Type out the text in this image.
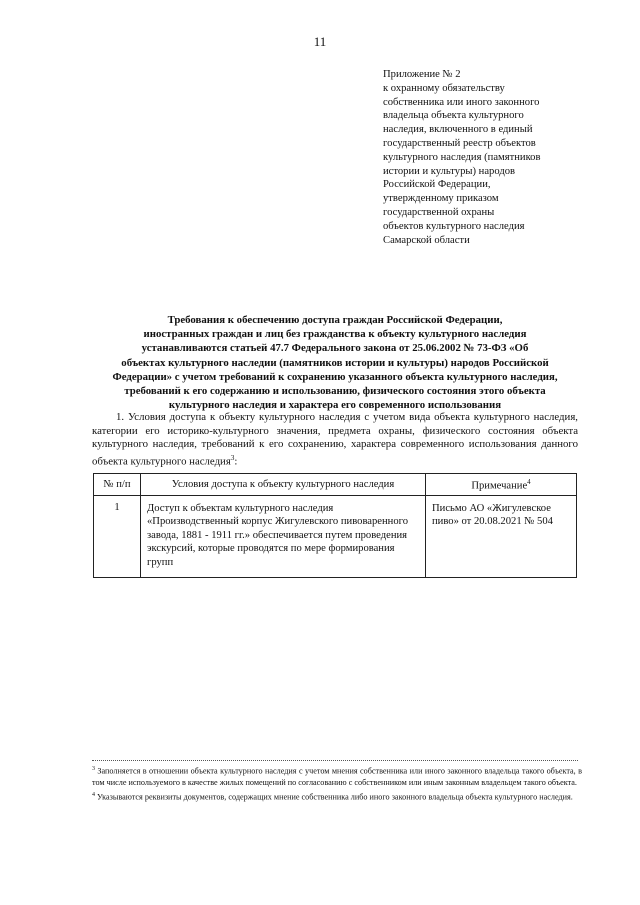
11
Приложение № 2
к охранному обязательству
собственника или иного законного
владельца объекта культурного
наследия, включенного в единый
государственный реестр объектов
культурного наследия (памятников
истории и культуры) народов
Российской Федерации,
утвержденному приказом
государственной охраны
объектов культурного наследия
Самарской области
Требования к обеспечению доступа граждан Российской Федерации,
иностранных граждан и лиц без гражданства к объекту культурного наследия
устанавливаются статьей 47.7 Федерального закона от 25.06.2002 № 73-ФЗ «Об
объектах культурного наследии (памятников истории и культуры) народов Российской
Федерации» с учетом требований к сохранению указанного объекта культурного наследия,
требований к его содержанию и использованию, физического состояния этого объекта
культурного наследия и характера его современного использования
1. Условия доступа к объекту культурного наследия с учетом вида объекта культурного наследия, категории его историко-культурного значения, предмета охраны, физического состояния объекта культурного наследия, требований к его сохранению, характера современного использования данного объекта культурного наследия$^3$:
№ п/п	Условия доступа к объекту культурного наследия	Примечание$^4$
1	Доступ к объектам культурного наследия «Производственный корпус Жигулевского пивоваренного завода, 1881 - 1911 гг.» обеспечивается путем проведения экскурсий, которые проводятся по мере формирования групп	Письмо АО «Жигулевское пиво» от 20.08.2021 № 504

$^3$ Заполняется в отношении объекта культурного наследия с учетом мнения собственника или иного законного владельца такого объекта, в том числе используемого в качестве жилых помещений по согласованию с собственником или иным законным владельцем такого объекта.

$^4$ Указываются реквизиты документов, содержащих мнение собственника либо иного законного владельца объекта культурного наследия.
